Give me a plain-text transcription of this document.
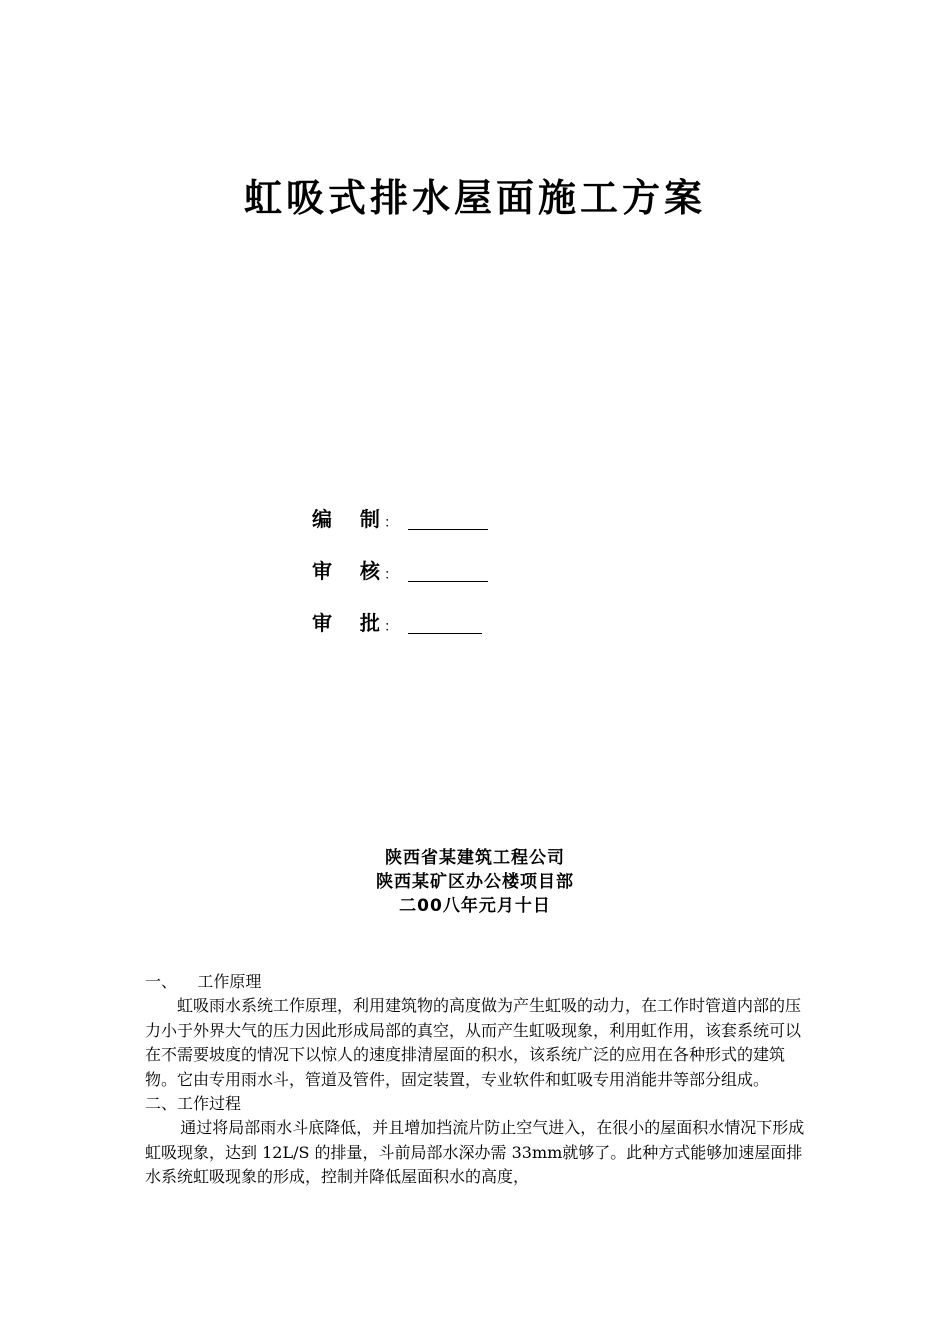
虹吸式排水屋面施工方案
编    制 ：
审    核 ：
审    批 ：
陕西省某建筑工程公司
陕西某矿区办公楼项目部
二00八年元月十日

一、    工作原理

虹吸雨水系统工作原理，利用建筑物的高度做为产生虹吸的动力，在工作时管道内部的压力小于外界大气的压力因此形成局部的真空，从而产生虹吸现象，利用虹作用，该套系统可以在不需要坡度的情况下以惊人的速度排清屋面的积水，该系统广泛的应用在各种形式的建筑物。它由专用雨水斗，管道及管件，固定装置，专业软件和虹吸专用消能井等部分组成。

二、工作过程

通过将局部雨水斗底降低，并且增加挡流片防止空气进入，在很小的屋面积水情况下形成虹吸现象，达到 12L/S 的排量，斗前局部水深办需 33mm就够了。此种方式能够加速屋面排水系统虹吸现象的形成，控制并降低屋面积水的高度，
